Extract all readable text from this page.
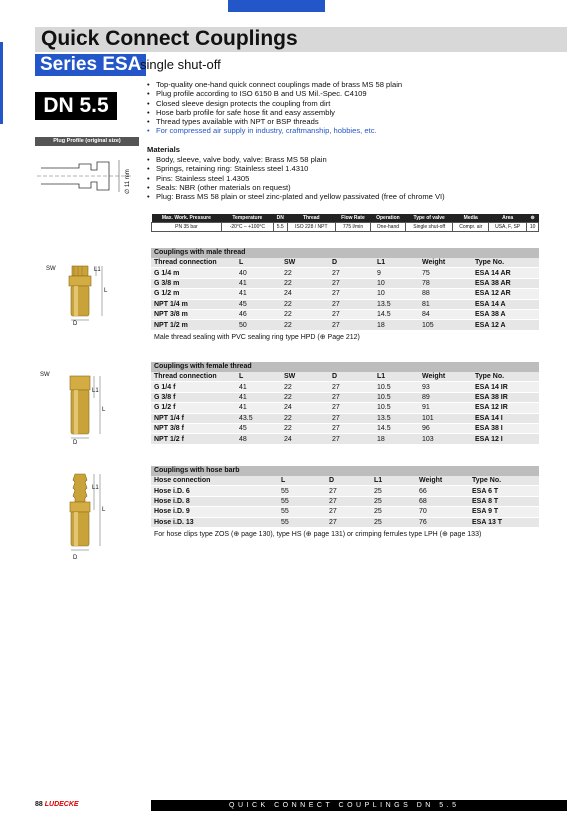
Quick Connect Couplings
Series ESA
single shut-off
DN 5.5
Plug Profile (original size)
∅ 11 mm
• Top-quality one-hand quick connect couplings made of brass MS 58 plain
• Plug profile according to ISO 6150 B and US Mil.-Spec. C4109
• Closed sleeve design protects the coupling from dirt
• Hose barb profile for safe hose fit and easy assembly
• Thread types available with NPT or BSP threads
• For compressed air supply in industry, craftmanship, hobbies, etc.
Materials
• Body, sleeve, valve body, valve: Brass MS 58 plain
• Springs, retaining ring: Stainless steel 1.4310
• Pins: Stainless steel 1.4305
• Seals: NBR (other materials on request)
• Plug: Brass MS 58 plain or steel zinc-plated and yellow passivated (free of chrome VI)
Max. Work. Pressure	Temperature	DN	Thread	Flow Rate	Operation	Type of valve	Media	Area	⊚
PN 35 bar	-20°C – +100°C	5.5	ISO 228 / NPT	775 l/min	One-hand	Single shut-off	Compr. air	USA, F, SP	10
SW	L1
L
D
Couplings with male thread
Thread connection	L	SW	D	L1	Weight	Type No.
G 1/4 m	40	22	27	9	75	ESA 14 AR
G 3/8 m	41	22	27	10	78	ESA 38 AR
G 1/2 m	41	24	27	10	88	ESA 12 AR
NPT 1/4 m	45	22	27	13.5	81	ESA 14 A
NPT 3/8 m	46	22	27	14.5	84	ESA 38 A
NPT 1/2 m	50	22	27	18	105	ESA 12 A
Male thread sealing with PVC sealing ring type HPD (⊕ Page 212)
SW
L1
L
D
Couplings with female thread
Thread connection	L	SW	D	L1	Weight	Type No.
G 1/4 f	41	22	27	10.5	93	ESA 14 IR
G 3/8 f	41	22	27	10.5	89	ESA 38 IR
G 1/2 f	41	24	27	10.5	91	ESA 12 IR
NPT 1/4 f	43.5	22	27	13.5	101	ESA 14 I
NPT 3/8 f	45	22	27	14.5	96	ESA 38 I
NPT 1/2 f	48	24	27	18	103	ESA 12 I
L1
L
D
Couplings with hose barb
Hose connection	L	D	L1	Weight	Type No.
Hose i.D. 6	55	27	25	66	ESA 6 T
Hose i.D. 8	55	27	25	68	ESA 8 T
Hose i.D. 9	55	27	25	70	ESA 9 T
Hose i.D. 13	55	27	25	76	ESA 13 T
For hose clips type ZOS (⊕ page 130), type HS (⊕ page 131) or crimping ferrules type LPH (⊕ page 133)
88 LUDECKE	QUICK CONNECT COUPLINGS DN 5.5
